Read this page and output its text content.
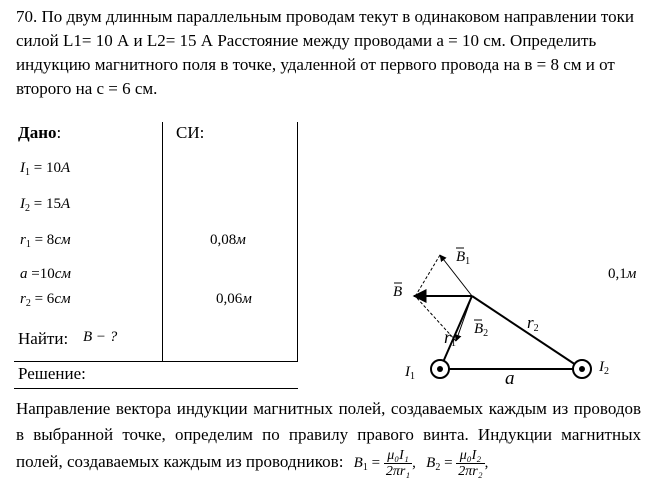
70. По двум длинным параллельным проводам текут в одинаковом направлении токи силой L1= 10 А и L2= 15 А Расстояние между проводами а = 10 см. Определить индукцию магнитного поля в точке, удаленной от первого провода на в = 8 см и от второго на с = 6 см.
Дано:	СИ:
$I_1 = 10A$
$I_2 = 15A$
$r_1 = 8см$
a =10см
$r_2 = 6см$
0,08м
0,1м
0,06м
Найти: B − ?
Решение:
$B_1$
B
$B_2$
$r_1$
$r_2$
$I_1$
$I_2$
a
Направление вектора индукции магнитных полей, создаваемых каждым из проводов в выбранной точке, определим по правилу правого винта. Индукции магнитных полей, создаваемых каждым из проводников: $B_1 = \frac{\text{μ₀I₁}}{\text{2πr₁}}$ , $B_2 = \frac{\text{μ₀I₂}}{\text{2πr₂}}$ ,
